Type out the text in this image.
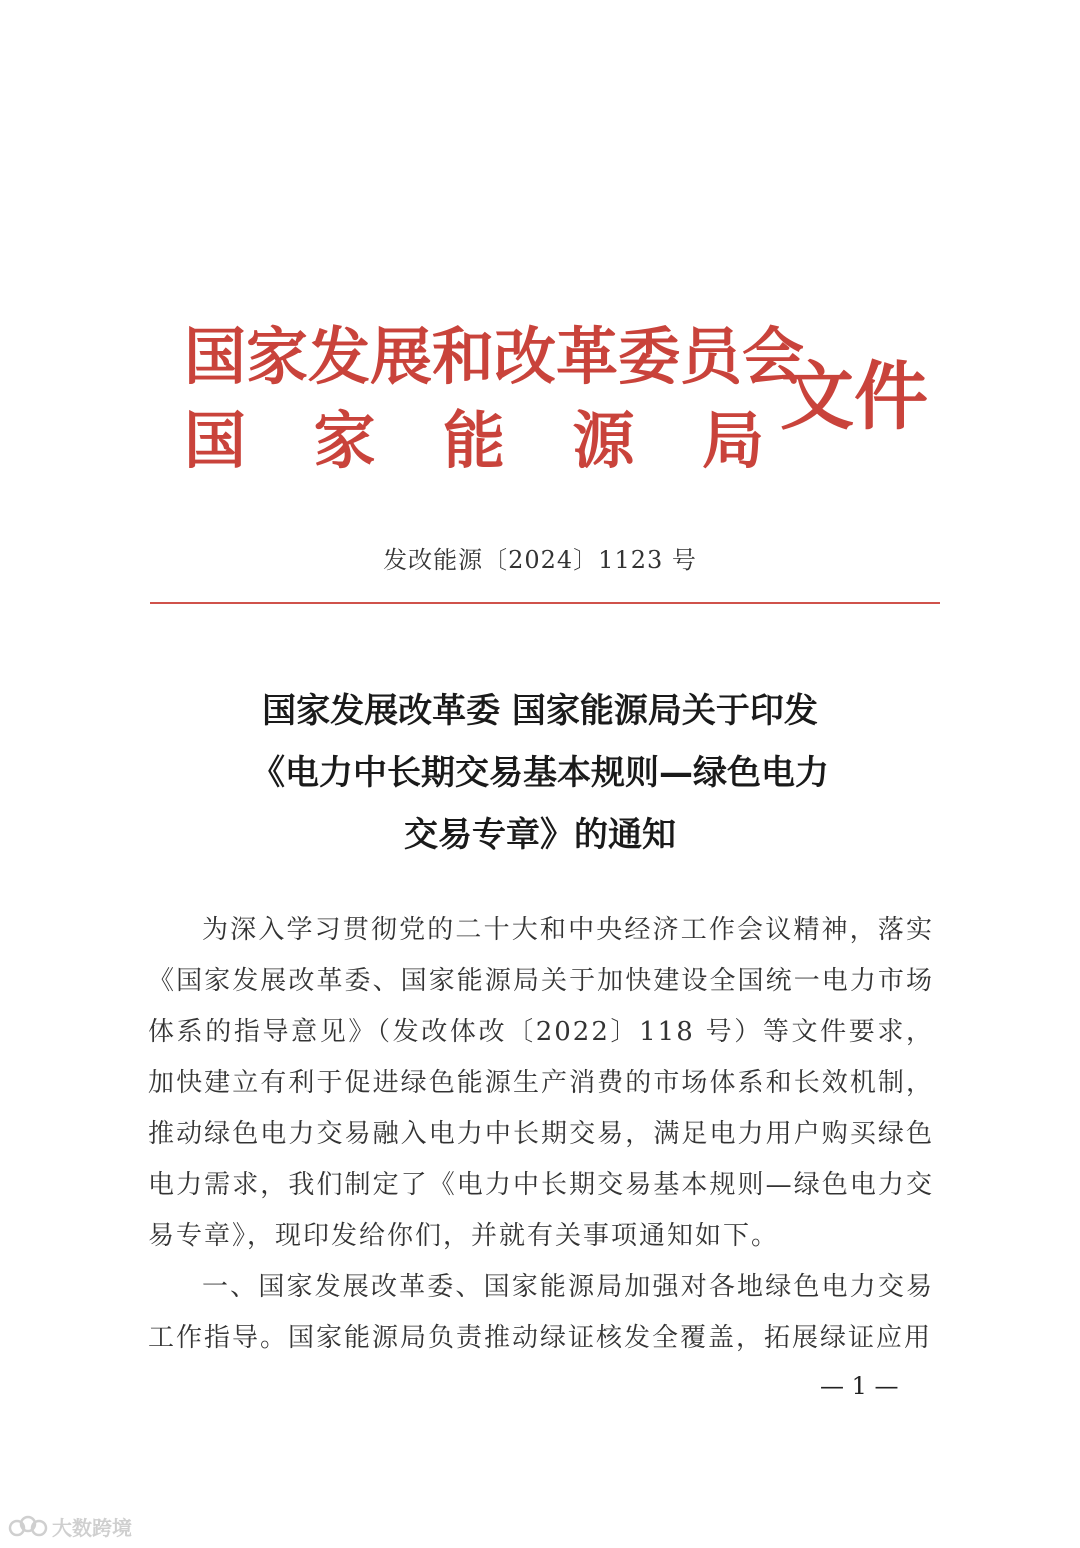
国家发展和改革委员会
国 家 能 源 局
文件
发改能源〔2024〕1123 号
国家发展改革委 国家能源局关于印发
《电力中长期交易基本规则—绿色电力
交易专章》的通知

为深入学习贯彻党的二十大和中央经济工作会议精神，落实《国家发展改革委、国家能源局关于加快建设全国统一电力市场体系的指导意见》（发改体改〔2022〕118 号）等文件要求，加快建立有利于促进绿色能源生产消费的市场体系和长效机制，推动绿色电力交易融入电力中长期交易，满足电力用户购买绿色电力需求，我们制定了《电力中长期交易基本规则—绿色电力交易专章》，现印发给你们，并就有关事项通知如下。

一、国家发展改革委、国家能源局加强对各地绿色电力交易工作指导。国家能源局负责推动绿证核发全覆盖，拓展绿证应用

— 1 —
大数跨境
